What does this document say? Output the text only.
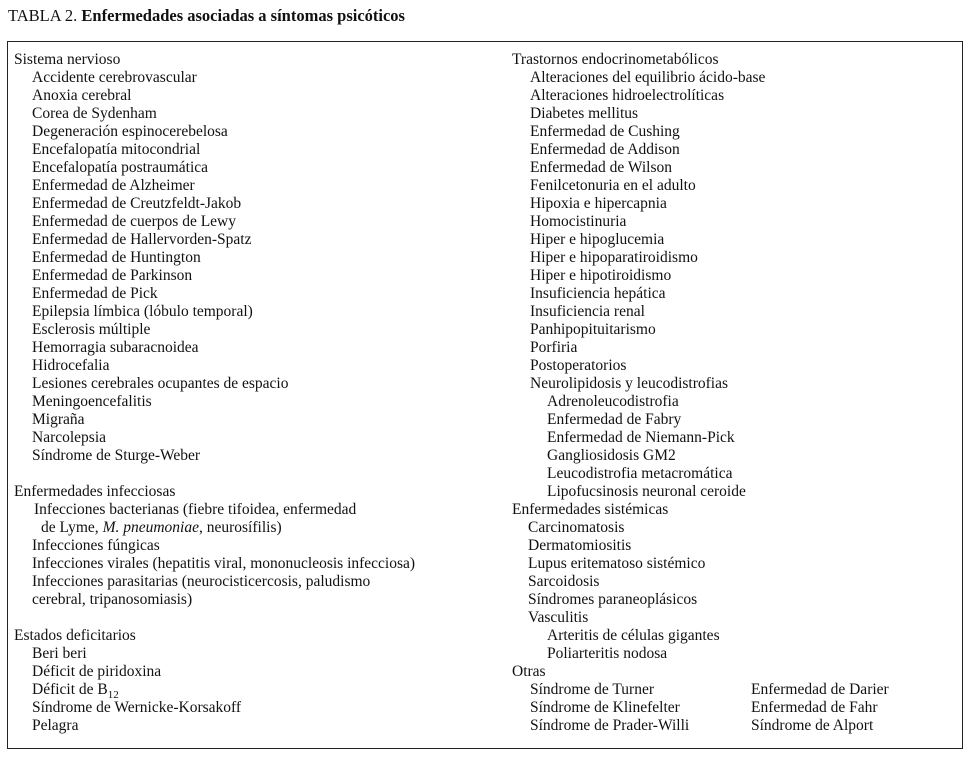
TABLA 2. Enfermedades asociadas a síntomas psicóticos
Sistema nervioso
Accidente cerebrovascular
Anoxia cerebral
Corea de Sydenham
Degeneración espinocerebelosa
Encefalopatía mitocondrial
Encefalopatía postraumática
Enfermedad de Alzheimer
Enfermedad de Creutzfeldt-Jakob
Enfermedad de cuerpos de Lewy
Enfermedad de Hallervorden-Spatz
Enfermedad de Huntington
Enfermedad de Parkinson
Enfermedad de Pick
Epilepsia límbica (lóbulo temporal)
Esclerosis múltiple
Hemorragia subaracnoidea
Hidrocefalia
Lesiones cerebrales ocupantes de espacio
Meningoencefalitis
Migraña
Narcolepsia
Síndrome de Sturge-Weber
Enfermedades infecciosas
Infecciones bacterianas (fiebre tifoidea, enfermedad
de Lyme, M. pneumoniae, neurosífilis)
Infecciones fúngicas
Infecciones virales (hepatitis viral, mononucleosis infecciosa)
Infecciones parasitarias (neurocisticercosis, paludismo
cerebral, tripanosomiasis)
Estados deficitarios
Beri beri
Déficit de piridoxina
Déficit de $B_{12}$
Síndrome de Wernicke-Korsakoff
Pelagra
Trastornos endocrinometabólicos
Alteraciones del equilibrio ácido-base
Alteraciones hidroelectrolíticas
Diabetes mellitus
Enfermedad de Cushing
Enfermedad de Addison
Enfermedad de Wilson
Fenilcetonuria en el adulto
Hipoxia e hipercapnia
Homocistinuria
Hiper e hipoglucemia
Hiper e hipoparatiroidismo
Hiper e hipotiroidismo
Insuficiencia hepática
Insuficiencia renal
Panhipopituitarismo
Porfiria
Postoperatorios
Neurolipidosis y leucodistrofias
Adrenoleucodistrofia
Enfermedad de Fabry
Enfermedad de Niemann-Pick
Gangliosidosis GM2
Leucodistrofia metacromática
Lipofucsinosis neuronal ceroide
Enfermedades sistémicas
Carcinomatosis
Dermatomiositis
Lupus eritematoso sistémico
Sarcoidosis
Síndromes paraneoplásicos
Vasculitis
Arteritis de células gigantes
Poliarteritis nodosa
Otras
Síndrome de Turner	Enfermedad de Darier
Síndrome de Klinefelter	Enfermedad de Fahr
Síndrome de Prader-Willi	Síndrome de Alport
